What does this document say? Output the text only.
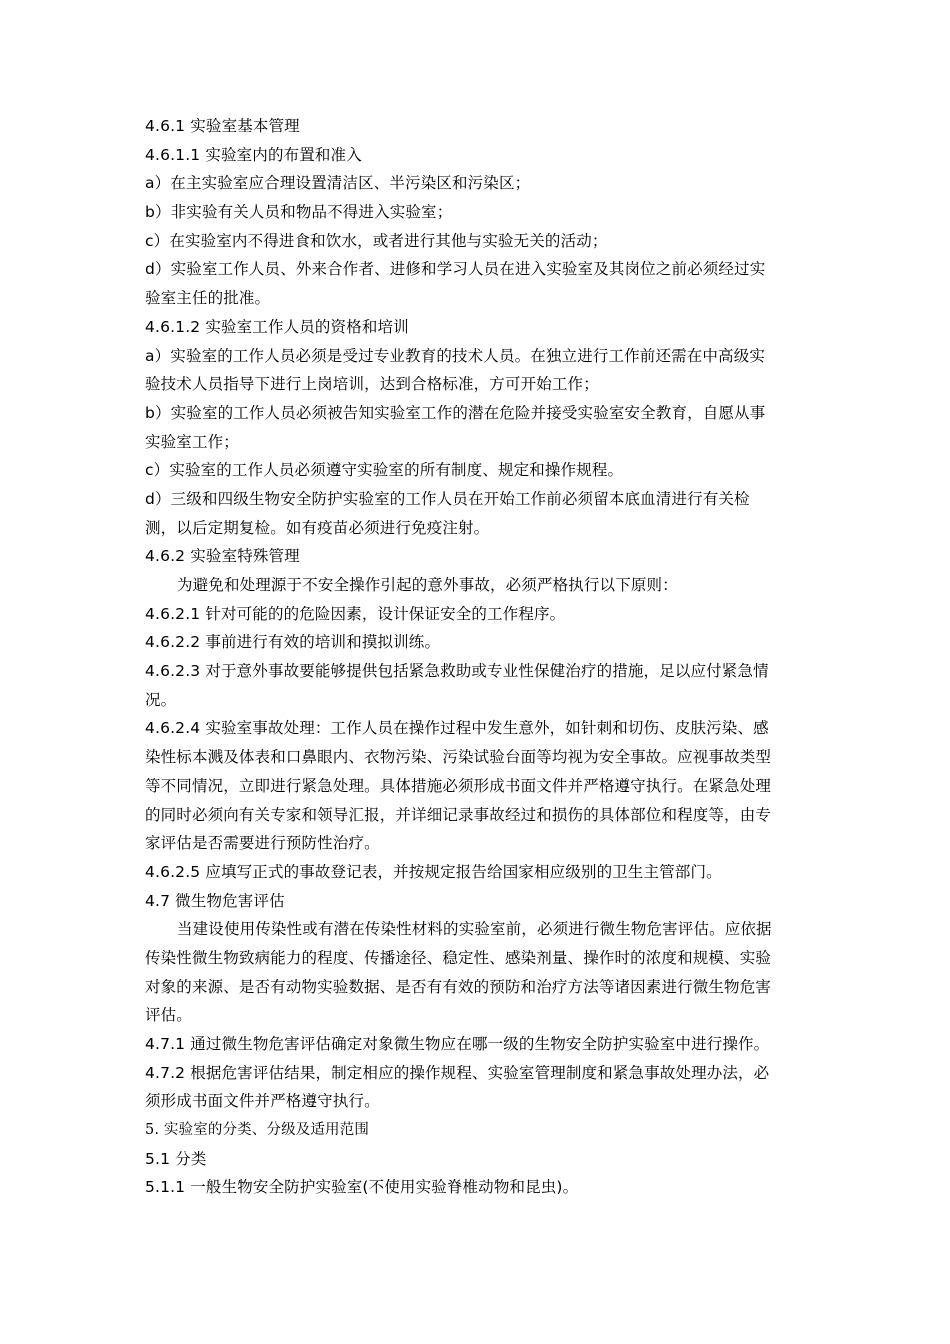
4.6.1 实验室基本管理
4.6.1.1 实验室内的布置和准入
a）在主实验室应合理设置清洁区、半污染区和污染区；
b）非实验有关人员和物品不得进入实验室；
c）在实验室内不得进食和饮水，或者进行其他与实验无关的活动；
d）实验室工作人员、外来合作者、进修和学习人员在进入实验室及其岗位之前必须经过实
验室主任的批准。
4.6.1.2 实验室工作人员的资格和培训
a）实验室的工作人员必须是受过专业教育的技术人员。在独立进行工作前还需在中高级实
验技术人员指导下进行上岗培训，达到合格标准，方可开始工作；
b）实验室的工作人员必须被告知实验室工作的潜在危险并接受实验室安全教育，自愿从事
实验室工作；
c）实验室的工作人员必须遵守实验室的所有制度、规定和操作规程。
d）三级和四级生物安全防护实验室的工作人员在开始工作前必须留本底血清进行有关检
测，以后定期复检。如有疫苗必须进行免疫注射。
4.6.2 实验室特殊管理
为避免和处理源于不安全操作引起的意外事故，必须严格执行以下原则：
4.6.2.1 针对可能的的危险因素，设计保证安全的工作程序。
4.6.2.2 事前进行有效的培训和摸拟训练。
4.6.2.3 对于意外事故要能够提供包括紧急救助或专业性保健治疗的措施，足以应付紧急情
况。
4.6.2.4 实验室事故处理：工作人员在操作过程中发生意外，如针刺和切伤、皮肤污染、感
染性标本溅及体表和口鼻眼内、衣物污染、污染试验台面等均视为安全事故。应视事故类型
等不同情况，立即进行紧急处理。具体措施必须形成书面文件并严格遵守执行。在紧急处理
的同时必须向有关专家和领导汇报，并详细记录事故经过和损伤的具体部位和程度等，由专
家评估是否需要进行预防性治疗。
4.6.2.5 应填写正式的事故登记表，并按规定报告给国家相应级别的卫生主管部门。
4.7 微生物危害评估
当建设使用传染性或有潜在传染性材料的实验室前，必须进行微生物危害评估。应依据
传染性微生物致病能力的程度、传播途径、稳定性、感染剂量、操作时的浓度和规模、实验
对象的来源、是否有动物实验数据、是否有有效的预防和治疗方法等诸因素进行微生物危害
评估。
4.7.1 通过微生物危害评估确定对象微生物应在哪一级的生物安全防护实验室中进行操作。
4.7.2 根据危害评估结果，制定相应的操作规程、实验室管理制度和紧急事故处理办法，必
须形成书面文件并严格遵守执行。
5. 实验室的分类、分级及适用范围
5.1 分类
5.1.1 一般生物安全防护实验室(不使用实验脊椎动物和昆虫)。
